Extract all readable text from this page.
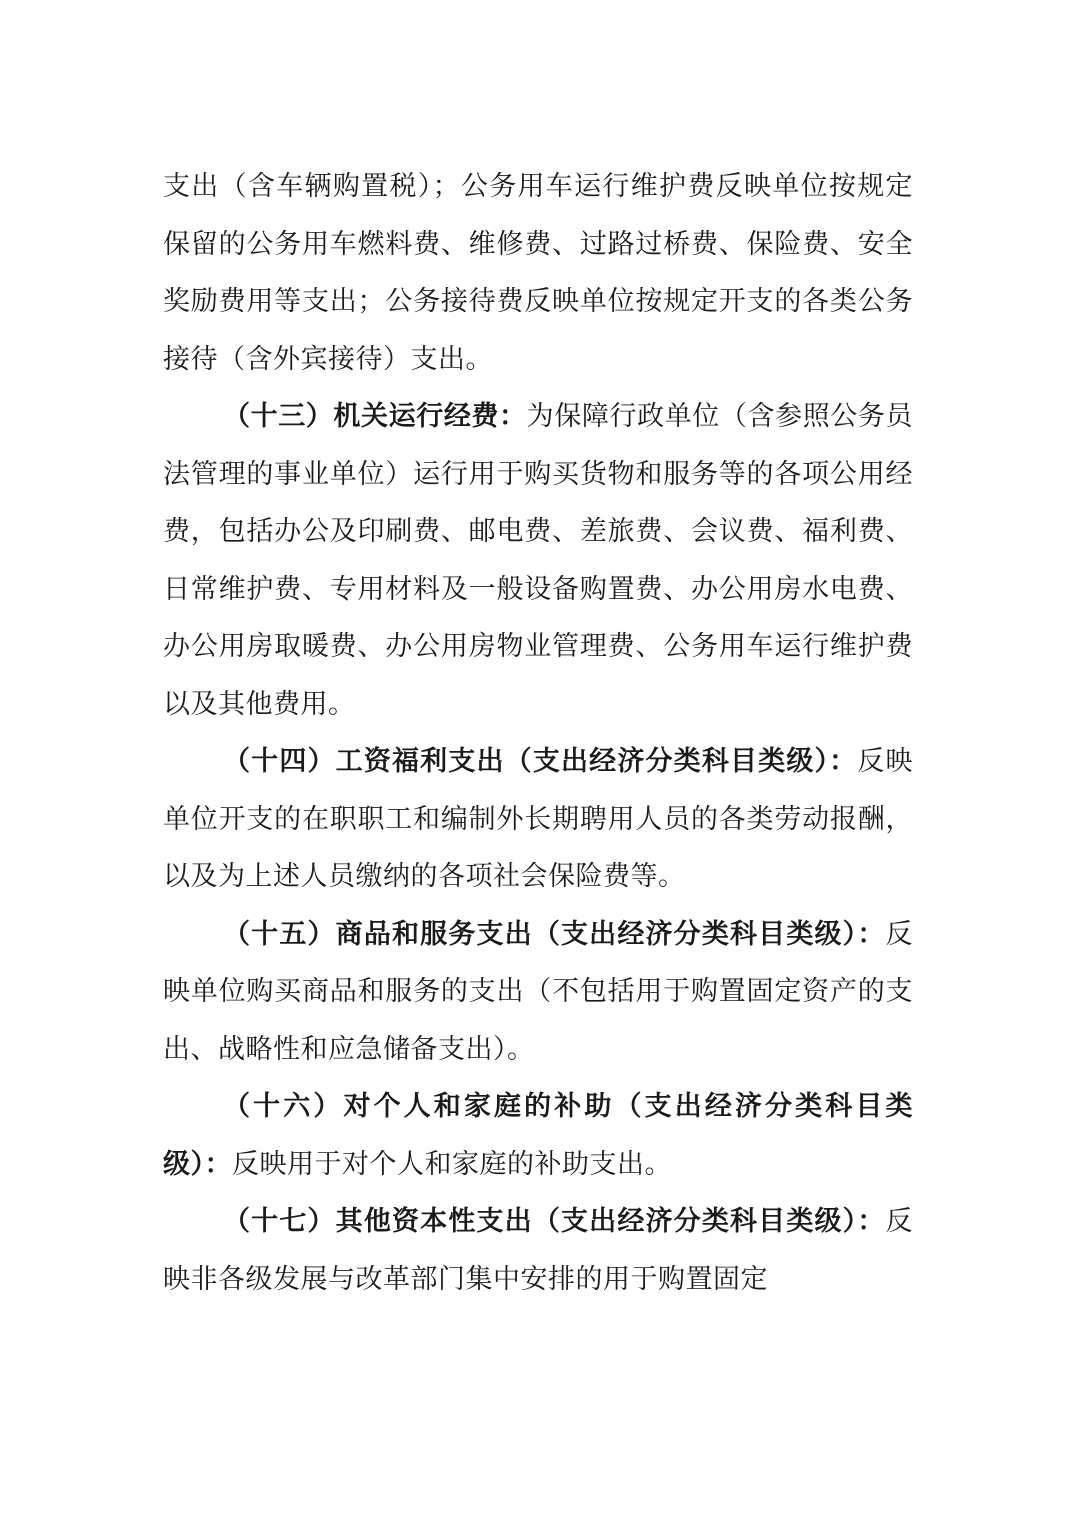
支出（含车辆购置税）；公务用车运行维护费反映单位按规定保留的公务用车燃料费、维修费、过路过桥费、保险费、安全奖励费用等支出；公务接待费反映单位按规定开支的各类公务接待（含外宾接待）支出。

（十三）机关运行经费：为保障行政单位（含参照公务员法管理的事业单位）运行用于购买货物和服务等的各项公用经费，包括办公及印刷费、邮电费、差旅费、会议费、福利费、日常维护费、专用材料及一般设备购置费、办公用房水电费、办公用房取暖费、办公用房物业管理费、公务用车运行维护费以及其他费用。

（十四）工资福利支出（支出经济分类科目类级）：反映单位开支的在职职工和编制外长期聘用人员的各类劳动报酬，以及为上述人员缴纳的各项社会保险费等。

（十五）商品和服务支出（支出经济分类科目类级）：反映单位购买商品和服务的支出（不包括用于购置固定资产的支出、战略性和应急储备支出）。

（十六）对个人和家庭的补助（支出经济分类科目类级）：反映用于对个人和家庭的补助支出。

（十七）其他资本性支出（支出经济分类科目类级）：反映非各级发展与改革部门集中安排的用于购置固定
